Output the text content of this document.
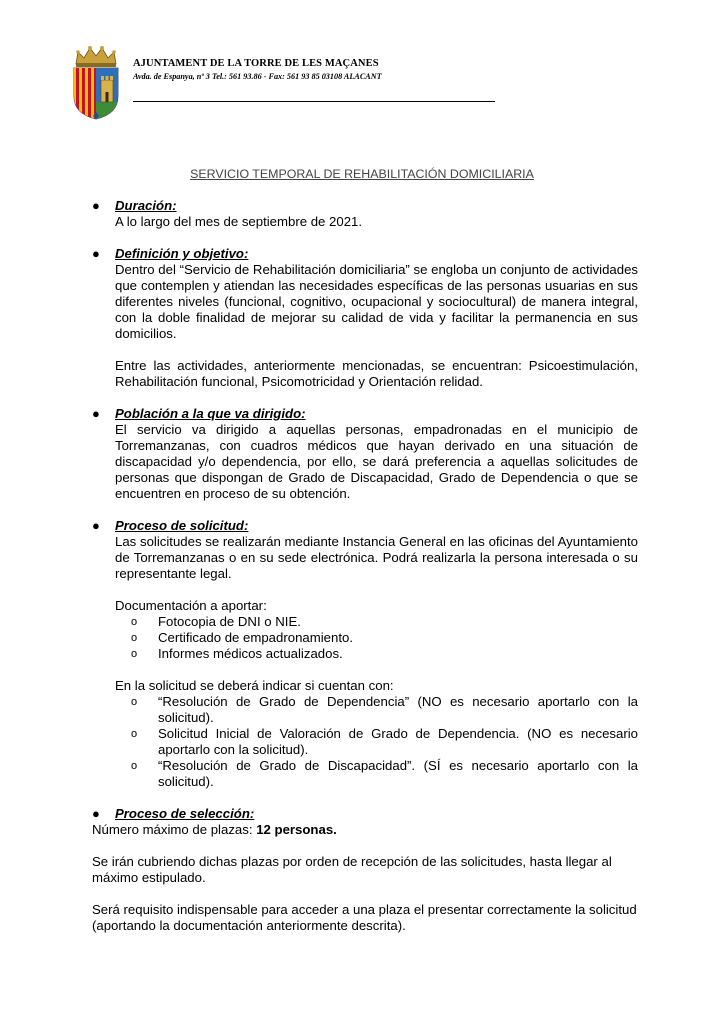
AJUNTAMENT DE LA TORRE DE LES MAÇANES
Avda. de Espanya, nº 3 Tel.: 561 93.86 - Fax: 561 93 85 03108 ALACANT
SERVICIO TEMPORAL DE REHABILITACIÓN DOMICILIARIA
● Duración:
A lo largo del mes de septiembre de 2021.
● Definición y objetivo:
Dentro del “Servicio de Rehabilitación domiciliaria” se engloba un conjunto de actividades que contemplen y atiendan las necesidades específicas de las personas usuarias en sus diferentes niveles (funcional, cognitivo, ocupacional y sociocultural) de manera integral, con la doble finalidad de mejorar su calidad de vida y facilitar la permanencia en sus domicilios.
Entre las actividades, anteriormente mencionadas, se encuentran: Psicoestimulación, Rehabilitación funcional, Psicomotricidad y Orientación relidad.
● Población a la que va dirigido:
El servicio va dirigido a aquellas personas, empadronadas en el municipio de Torremanzanas, con cuadros médicos que hayan derivado en una situación de discapacidad y/o dependencia, por ello, se dará preferencia a aquellas solicitudes de personas que dispongan de Grado de Discapacidad, Grado de Dependencia o que se encuentren en proceso de su obtención.
● Proceso de solicitud:
Las solicitudes se realizarán mediante Instancia General en las oficinas del Ayuntamiento de Torremanzanas o en su sede electrónica. Podrá realizarla la persona interesada o su representante legal.
Documentación a aportar:
o Fotocopia de DNI o NIE.
o Certificado de empadronamiento.
o Informes médicos actualizados.
En la solicitud se deberá indicar si cuentan con:
o “Resolución de Grado de Dependencia” (NO es necesario aportarlo con la solicitud).
o Solicitud Inicial de Valoración de Grado de Dependencia. (NO es necesario aportarlo con la solicitud).
o “Resolución de Grado de Discapacidad”. (SÍ es necesario aportarlo con la solicitud).
● Proceso de selección:
Número máximo de plazas: 12 personas.
Se irán cubriendo dichas plazas por orden de recepción de las solicitudes, hasta llegar al máximo estipulado.
Será requisito indispensable para acceder a una plaza el presentar correctamente la solicitud (aportando la documentación anteriormente descrita).
